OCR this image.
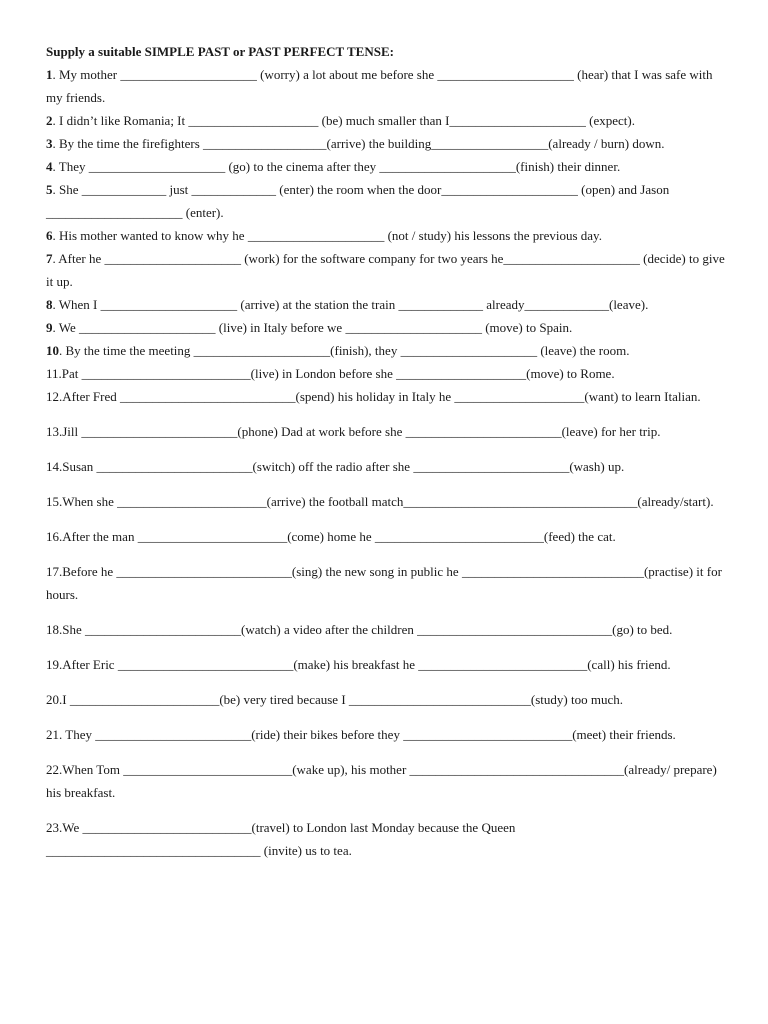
Supply a suitable SIMPLE PAST or PAST PERFECT TENSE:

1. My mother _____________________ (worry) a lot about me before she _____________________ (hear) that I was safe with my friends.

2. I didn’t like Romania; It ____________________ (be) much smaller than I_____________________ (expect).

3. By the time the firefighters ___________________(arrive) the building__________________(already / burn) down.

4. They _____________________ (go) to the cinema after they _____________________(finish) their dinner.

5. She _____________ just _____________ (enter) the room when the door_____________________ (open) and Jason _____________________ (enter).

6. His mother wanted to know why he _____________________ (not / study) his lessons the previous day.

7. After he _____________________ (work) for the software company for two years he_____________________ (decide) to give it up.

8. When I _____________________ (arrive) at the station the train _____________ already_____________(leave).

9. We _____________________ (live) in Italy before we _____________________ (move) to Spain.

10. By the time the meeting _____________________(finish), they _____________________ (leave) the room.

11.Pat __________________________(live) in London before she ____________________(move) to Rome.

12.After Fred ___________________________(spend) his holiday in Italy he ____________________(want) to learn Italian.

13.Jill ________________________(phone) Dad at work before she ________________________(leave) for her trip.

14.Susan ________________________(switch) off the radio after she ________________________(wash) up.

15.When she _______________________(arrive) the football match____________________________________(already/start).

16.After the man _______________________(come) home he __________________________(feed) the cat.

17.Before he ___________________________(sing) the new song in public he ____________________________(practise) it for hours.

18.She ________________________(watch) a video after the children ______________________________(go) to bed.

19.After Eric ___________________________(make) his breakfast he __________________________(call) his friend.

20.I _______________________(be) very tired because I ____________________________(study) too much.

21. They ________________________(ride) their bikes before they __________________________(meet) their friends.

22.When Tom __________________________(wake up), his mother _________________________________(already/ prepare) his breakfast.

23.We __________________________(travel) to London last Monday because the Queen _________________________________ (invite) us to tea.
